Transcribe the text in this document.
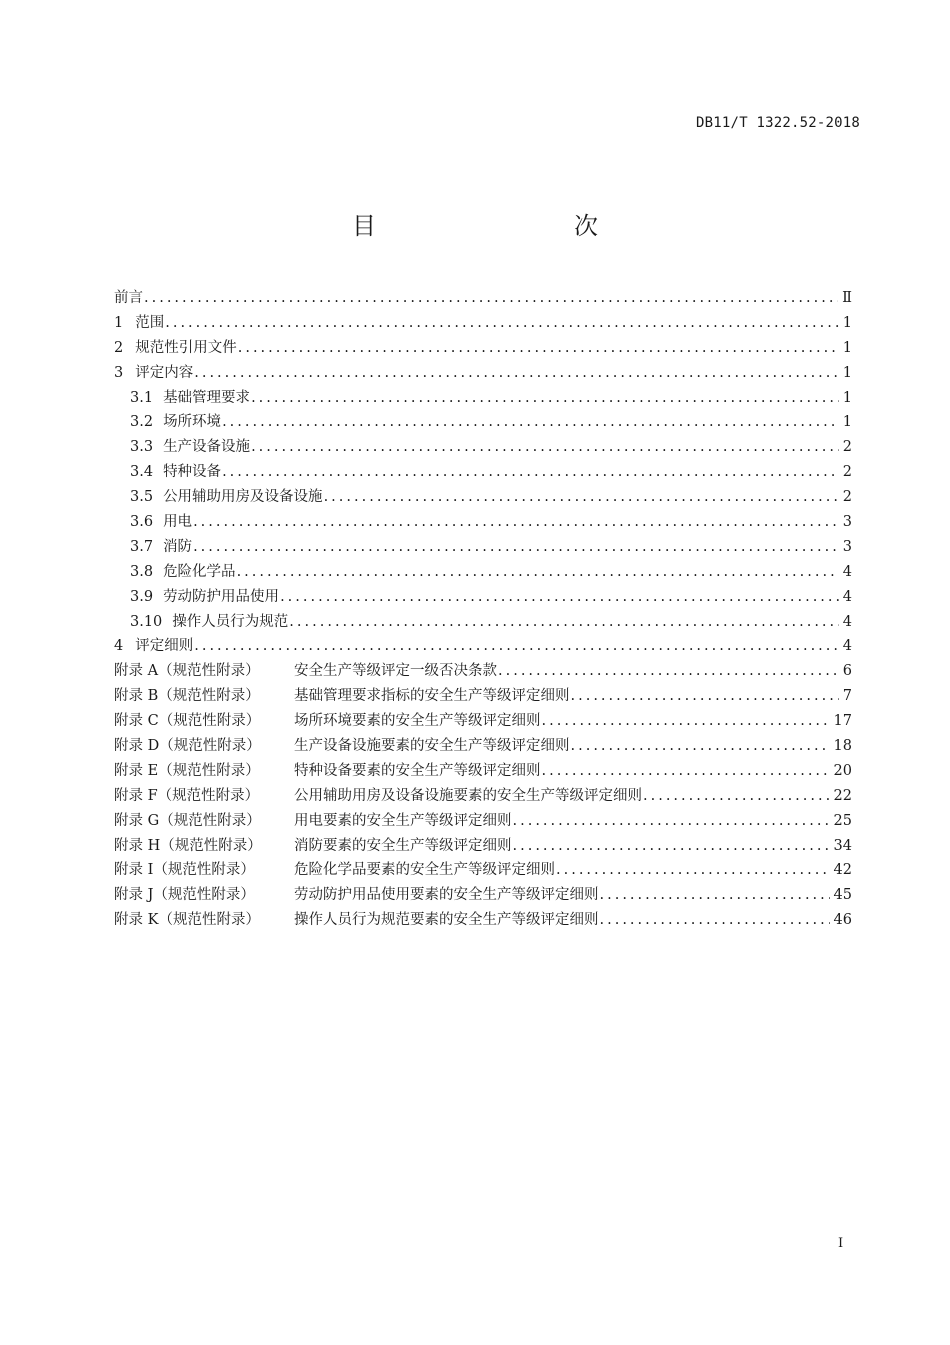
DB11/T 1322.52-2018
目　　次
前言 .....	Ⅱ
1 范围 .....	1
2 规范性引用文件 .....	1
3 评定内容 .....	1
3.1 基础管理要求 .....	1
3.2 场所环境 .....	1
3.3 生产设备设施 .....	2
3.4 特种设备 .....	2
3.5 公用辅助用房及设备设施 .....	2
3.6 用电 .....	3
3.7 消防 .....	3
3.8 危险化学品 .....	4
3.9 劳动防护用品使用 .....	4
3.10 操作人员行为规范 .....	4
4 评定细则 .....	4
附录 A（规范性附录）	安全生产等级评定一级否决条款 .....	6
附录 B（规范性附录）	基础管理要求指标的安全生产等级评定细则 .....	7
附录 C（规范性附录）	场所环境要素的安全生产等级评定细则 .....	17
附录 D（规范性附录）	生产设备设施要素的安全生产等级评定细则 .....	18
附录 E（规范性附录）	特种设备要素的安全生产等级评定细则 .....	20
附录 F（规范性附录）	公用辅助用房及设备设施要素的安全生产等级评定细则 .....	22
附录 G（规范性附录）	用电要素的安全生产等级评定细则 .....	25
附录 H（规范性附录）	消防要素的安全生产等级评定细则 .....	34
附录 I（规范性附录）	危险化学品要素的安全生产等级评定细则 .....	42
附录 J（规范性附录）	劳动防护用品使用要素的安全生产等级评定细则 .....	45
附录 K（规范性附录）	操作人员行为规范要素的安全生产等级评定细则 .....	46
I
